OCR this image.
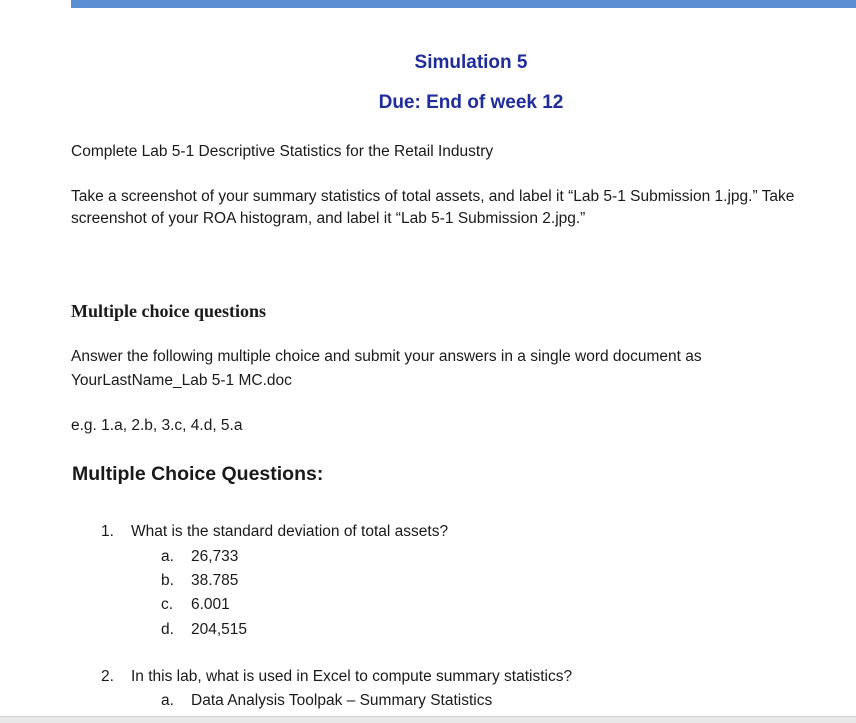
Simulation 5
Due: End of week 12
Complete Lab 5-1 Descriptive Statistics for the Retail Industry
Take a screenshot of your summary statistics of total assets, and label it “Lab 5-1 Submission 1.jpg.” Take
screenshot of your ROA histogram, and label it “Lab 5-1 Submission 2.jpg.”
Multiple choice questions
Answer the following multiple choice and submit your answers in a single word document as
YourLastName_Lab 5-1 MC.doc
e.g. 1.a, 2.b, 3.c, 4.d, 5.a
Multiple Choice Questions:
1. What is the standard deviation of total assets?
a. 26,733
b. 38.785
c. 6.001
d. 204,515
2. In this lab, what is used in Excel to compute summary statistics?
a. Data Analysis Toolpak – Summary Statistics
